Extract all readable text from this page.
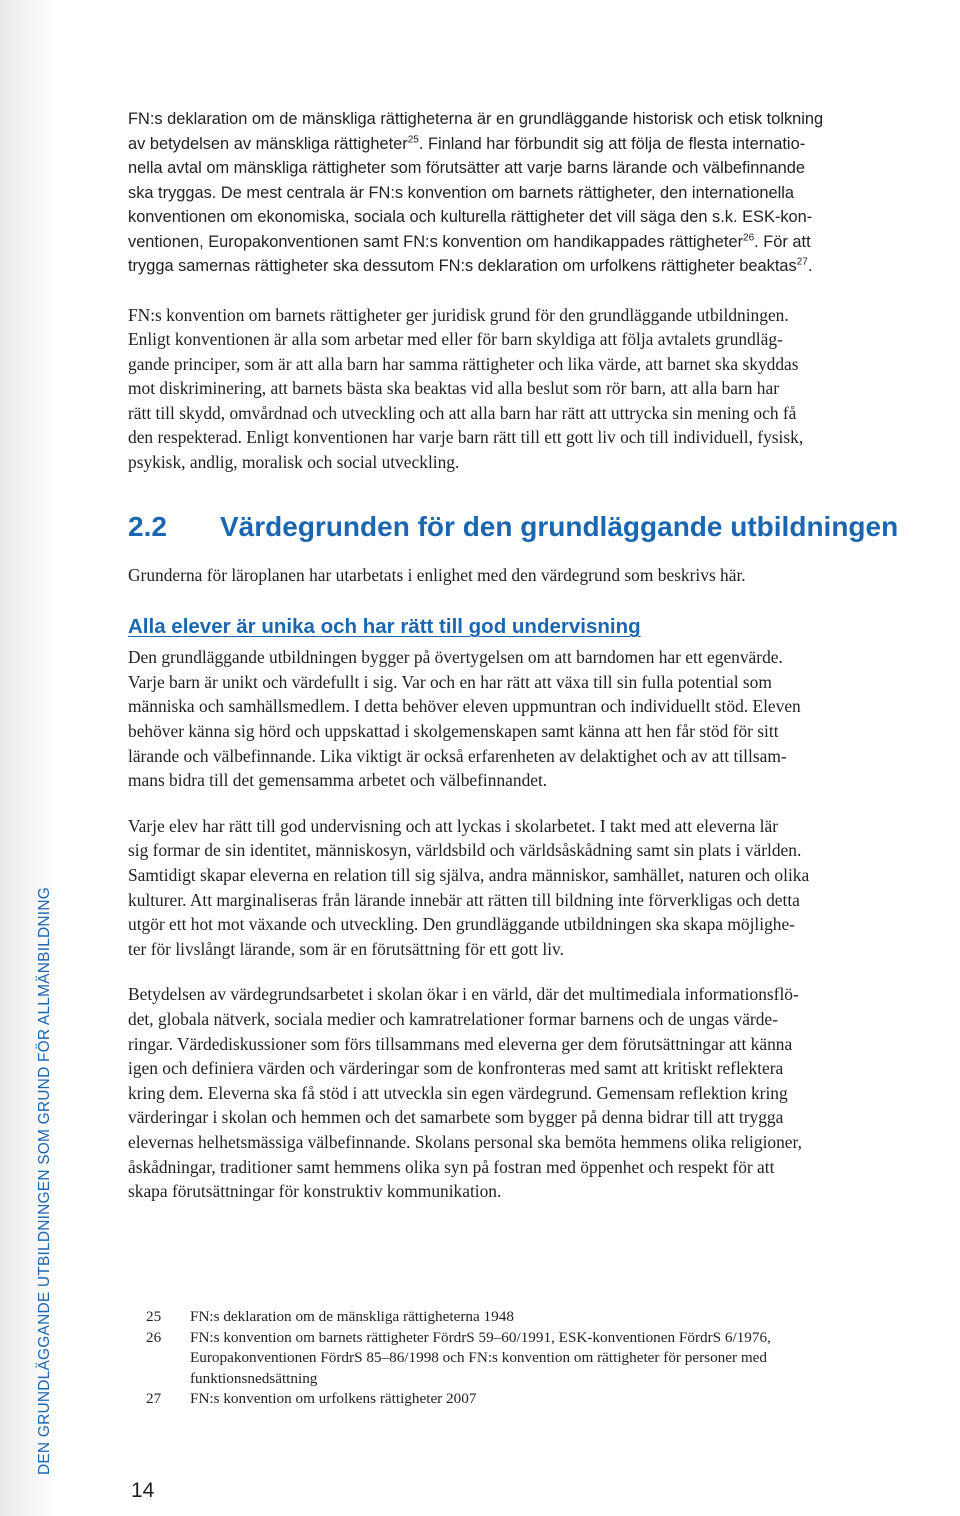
DEN GRUNDLÄGGANDE UTBILDNINGEN SOM GRUND FÖR ALLMÄNBILDNING
14

FN:s deklaration om de mänskliga rättigheterna är en grundläggande historisk och etisk tolkning
av betydelsen av mänskliga rättigheter$^{25}$. Finland har förbundit sig att följa de flesta internatio-
nella avtal om mänskliga rättigheter som förutsätter att varje barns lärande och välbefinnande
ska tryggas. De mest centrala är FN:s konvention om barnets rättigheter, den internationella
konventionen om ekonomiska, sociala och kulturella rättigheter det vill säga den s.k. ESK-kon-
ventionen, Europakonventionen samt FN:s konvention om handikappades rättigheter$^{26}$. För att
trygga samernas rättigheter ska dessutom FN:s deklaration om urfolkens rättigheter beaktas$^{27}$.

FN:s konvention om barnets rättigheter ger juridisk grund för den grundläggande utbildningen.
Enligt konventionen är alla som arbetar med eller för barn skyldiga att följa avtalets grundläg-
gande principer, som är att alla barn har samma rättigheter och lika värde, att barnet ska skyddas
mot diskriminering, att barnets bästa ska beaktas vid alla beslut som rör barn, att alla barn har
rätt till skydd, omvårdnad och utveckling och att alla barn har rätt att uttrycka sin mening och få
den respekterad. Enligt konventionen har varje barn rätt till ett gott liv och till individuell, fysisk,
psykisk, andlig, moralisk och social utveckling.

2.2 Värdegrunden för den grundläggande utbildningen

Grunderna för läroplanen har utarbetats i enlighet med den värdegrund som beskrivs här.

Alla elever är unika och har rätt till god undervisning

Den grundläggande utbildningen bygger på övertygelsen om att barndomen har ett egenvärde.
Varje barn är unikt och värdefullt i sig. Var och en har rätt att växa till sin fulla potential som
människa och samhällsmedlem. I detta behöver eleven uppmuntran och individuellt stöd. Eleven
behöver känna sig hörd och uppskattad i skolgemenskapen samt känna att hen får stöd för sitt
lärande och välbefinnande. Lika viktigt är också erfarenheten av delaktighet och av att tillsam-
mans bidra till det gemensamma arbetet och välbefinnandet.

Varje elev har rätt till god undervisning och att lyckas i skolarbetet. I takt med att eleverna lär
sig formar de sin identitet, människosyn, världsbild och världsåskådning samt sin plats i världen.
Samtidigt skapar eleverna en relation till sig själva, andra människor, samhället, naturen och olika
kulturer. Att marginaliseras från lärande innebär att rätten till bildning inte förverkligas och detta
utgör ett hot mot växande och utveckling. Den grundläggande utbildningen ska skapa möjlighe-
ter för livslångt lärande, som är en förutsättning för ett gott liv.

Betydelsen av värdegrundsarbetet i skolan ökar i en värld, där det multimediala informationsflö-
det, globala nätverk, sociala medier och kamratrelationer formar barnens och de ungas värde-
ringar. Värdediskussioner som förs tillsammans med eleverna ger dem förutsättningar att känna
igen och definiera värden och värderingar som de konfronteras med samt att kritiskt reflektera
kring dem. Eleverna ska få stöd i att utveckla sin egen värdegrund. Gemensam reflektion kring
värderingar i skolan och hemmen och det samarbete som bygger på denna bidrar till att trygga
elevernas helhetsmässiga välbefinnande. Skolans personal ska bemöta hemmens olika religioner,
åskådningar, traditioner samt hemmens olika syn på fostran med öppenhet och respekt för att
skapa förutsättningar för konstruktiv kommunikation.

25	FN:s deklaration om de mänskliga rättigheterna 1948
26	FN:s konvention om barnets rättigheter FördrS 59–60/1991, ESK-konventionen FördrS 6/1976,
Europakonventionen FördrS 85–86/1998 och FN:s konvention om rättigheter för personer med
funktionsnedsättning
27	FN:s konvention om urfolkens rättigheter 2007
